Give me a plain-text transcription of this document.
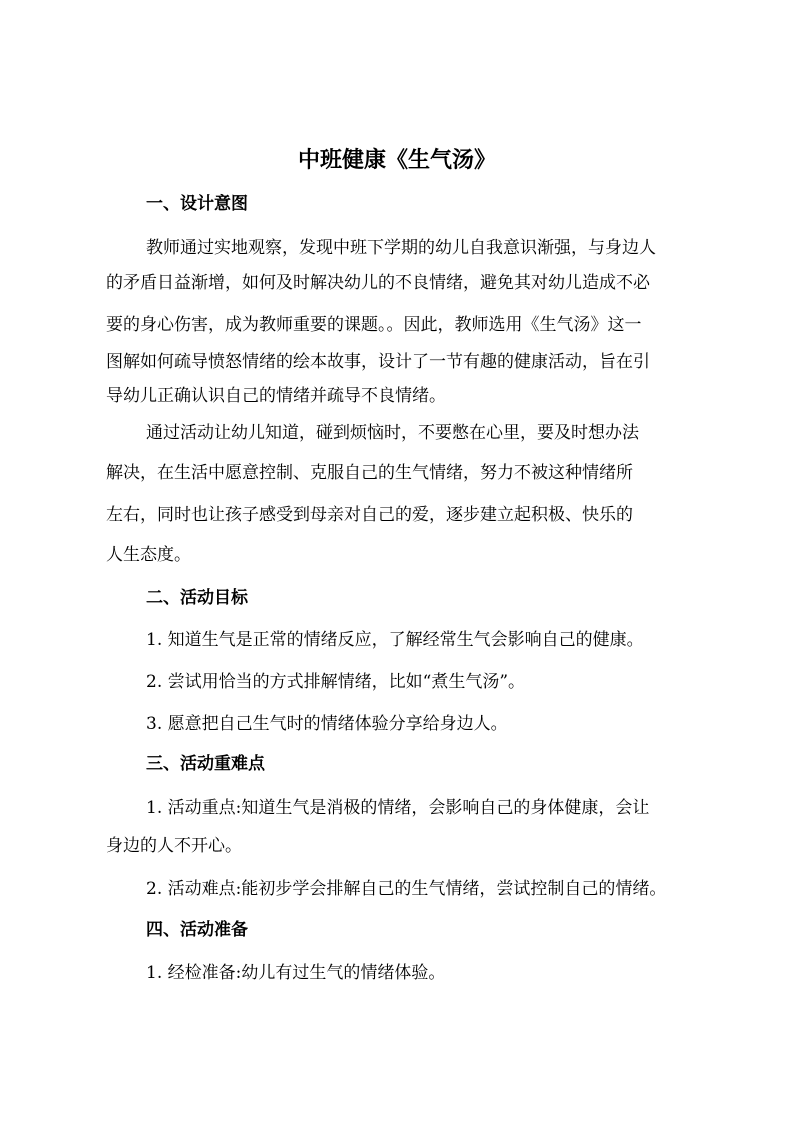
中班健康《生气汤》
一、设计意图
教师通过实地观察，发现中班下学期的幼儿自我意识渐强，与身边人
的矛盾日益渐增，如何及时解决幼儿的不良情绪，避免其对幼儿造成不必
要的身心伤害，成为教师重要的课题。。因此，教师选用《生气汤》这一
图解如何疏导愤怒情绪的绘本故事，设计了一节有趣的健康活动，旨在引
导幼儿正确认识自己的情绪并疏导不良情绪。
通过活动让幼儿知道，碰到烦恼时，不要憋在心里，要及时想办法
解决，在生活中愿意控制、克服自己的生气情绪，努力不被这种情绪所
左右，同时也让孩子感受到母亲对自己的爱，逐步建立起积极、快乐的
人生态度。
二、活动目标
1. 知道生气是正常的情绪反应，了解经常生气会影响自己的健康。
2. 尝试用恰当的方式排解情绪，比如“煮生气汤”。
3. 愿意把自己生气时的情绪体验分享给身边人。
三、活动重难点
1. 活动重点:知道生气是消极的情绪，会影响自己的身体健康，会让
身边的人不开心。
2. 活动难点:能初步学会排解自己的生气情绪，尝试控制自己的情绪。
四、活动准备
1. 经检准备:幼儿有过生气的情绪体验。
